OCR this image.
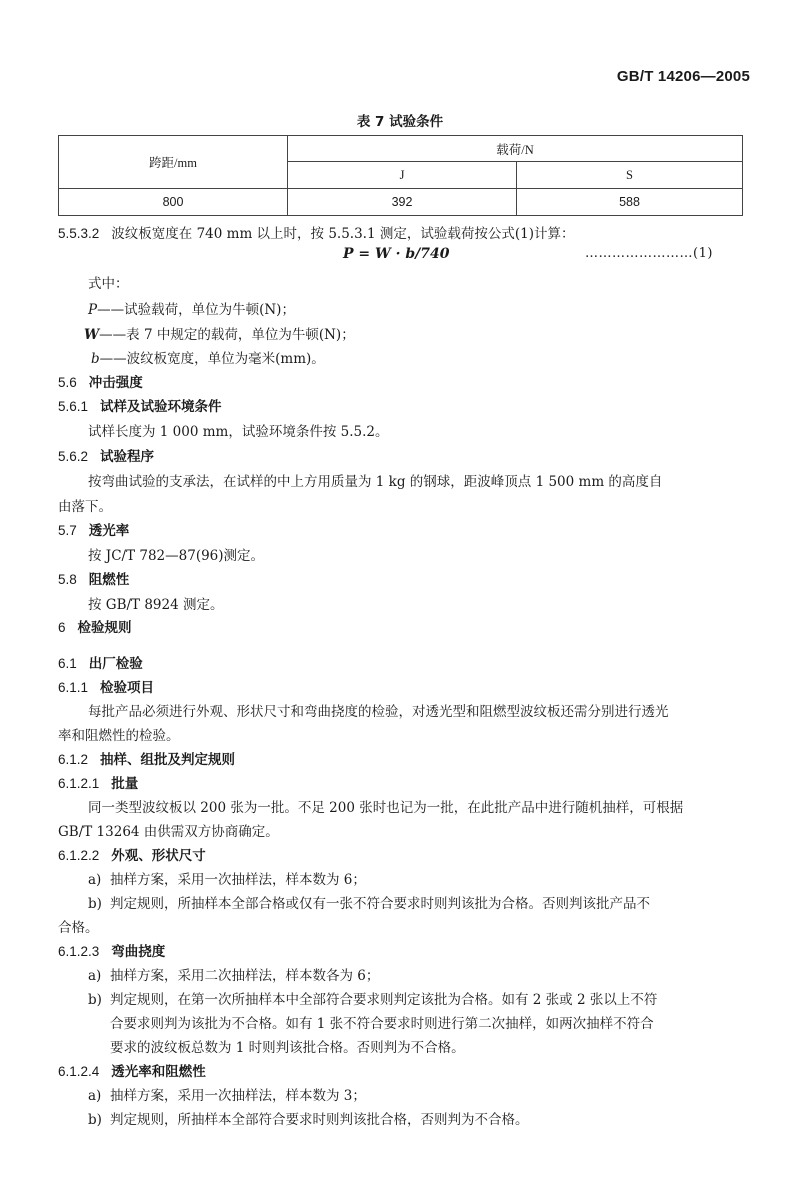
GB/T 14206—2005
表 7 试验条件
跨距/mm	载荷/N	
	J	S
800	392	588
5.5.3.2 波纹板宽度在 740 mm 以上时，按 5.5.3.1 测定，试验载荷按公式(1)计算：
P = W · b/740	……………………(1)
式中：
P——试验载荷，单位为牛顿(N)；
W——表 7 中规定的载荷，单位为牛顿(N)；
b——波纹板宽度，单位为毫米(mm)。
5.6 冲击强度
5.6.1 试样及试验环境条件
试样长度为 1 000 mm，试验环境条件按 5.5.2。
5.6.2 试验程序
按弯曲试验的支承法，在试样的中上方用质量为 1 kg 的钢球，距波峰顶点 1 500 mm 的高度自
由落下。
5.7 透光率
按 JC/T 782—87(96)测定。
5.8 阻燃性
按 GB/T 8924 测定。
6 检验规则
6.1 出厂检验
6.1.1 检验项目
每批产品必须进行外观、形状尺寸和弯曲挠度的检验，对透光型和阻燃型波纹板还需分别进行透光
率和阻燃性的检验。
6.1.2 抽样、组批及判定规则
6.1.2.1 批量
同一类型波纹板以 200 张为一批。不足 200 张时也记为一批，在此批产品中进行随机抽样，可根据
GB/T 13264 由供需双方协商确定。
6.1.2.2 外观、形状尺寸
a) 抽样方案，采用一次抽样法，样本数为 6；
b) 判定规则，所抽样本全部合格或仅有一张不符合要求时则判该批为合格。否则判该批产品不
合格。
6.1.2.3 弯曲挠度
a) 抽样方案，采用二次抽样法，样本数各为 6；
b) 判定规则，在第一次所抽样本中全部符合要求则判定该批为合格。如有 2 张或 2 张以上不符
合要求则判为该批为不合格。如有 1 张不符合要求时则进行第二次抽样，如两次抽样不符合
要求的波纹板总数为 1 时则判该批合格。否则判为不合格。
6.1.2.4 透光率和阻燃性
a) 抽样方案，采用一次抽样法，样本数为 3；
b) 判定规则，所抽样本全部符合要求时则判该批合格，否则判为不合格。
